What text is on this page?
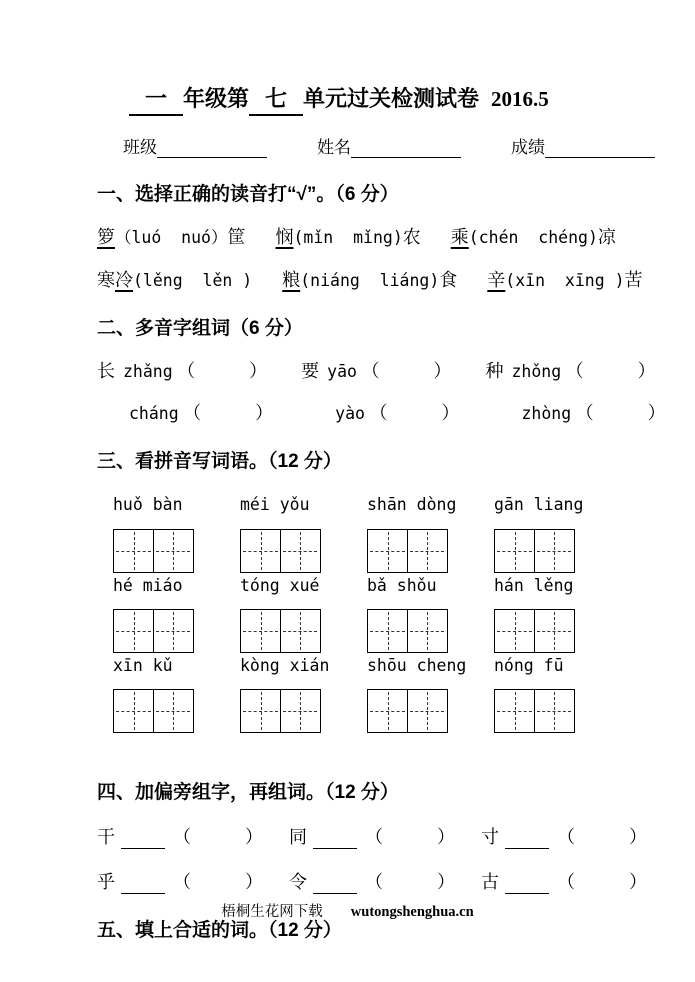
一 年级第 七 单元过关检测试卷 2016.5
班级	姓名	成绩
一、选择正确的读音打“√”。（6 分）
箩（luó  nuó）筐 悯(mǐn  mǐng)农 乘(chén  chéng)凉
寒冷(lěng  lěn ) 粮(niáng  liáng)食 辛(xīn  xīng )苦
二、多音字组词（6 分）
长 zhǎng （　　　） 要 yāo （　　　） 种 zhǒng （　　　）
cháng （　　　）	yào （　　　）	zhòng （　　　）
三、看拼音写词语。（12 分）
huǒ bàn	méi yǒu	shān dòng	gān liang
hé miáo	tóng xué	bǎ shǒu	hán lěng
xīn kǔ	kòng xián	shōu cheng	nóng fū
四、加偏旁组字，再组词。（12 分）
干	（　　　） 同	（　　　） 寸	（　　　）
乎	（　　　） 令	（　　　） 古	（　　　）
五、填上合适的词。（12 分）
梧桐生花网下载 wutongshenghua.cn
